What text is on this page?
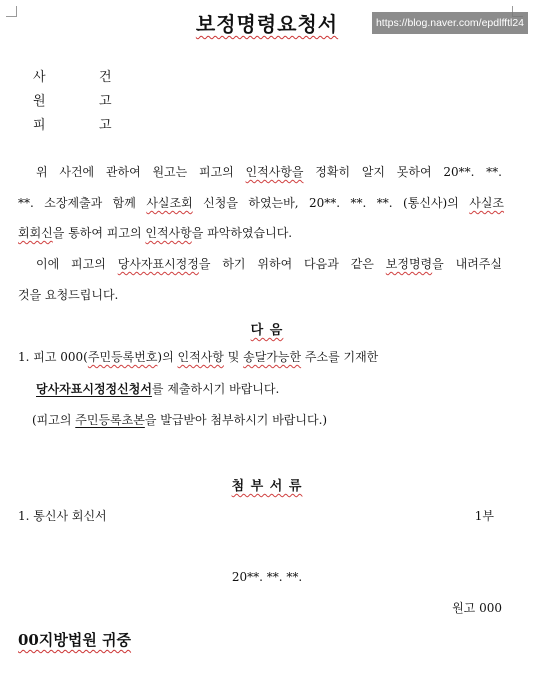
보정명령요청서	https://blog.naver.com/epdlfftl24
사	건
원	고
피	고
위 사건에 관하여 원고는 피고의 인적사항을 정확히 알지 못하여 20**. **.
**. 소장제출과 함께 사실조회 신청을 하였는바, 20**. **. **. (통신사)의 사실조
회회신을 통하여 피고의 인적사항을 파악하였습니다.
이에 피고의 당사자표시정정을 하기 위하여 다음과 같은 보정명령을 내려주실
것을 요청드립니다.
다 음
1. 피고 000(주민등록번호)의 인적사항 및 송달가능한 주소를 기재한
당사자표시정정신청서를 제출하시기 바랍니다.
(피고의 주민등록초본을 발급받아 첨부하시기 바랍니다.)
첨 부 서 류
1. 통신사 회신서	1부
20**. **. **.
원고 000
00지방법원 귀중
